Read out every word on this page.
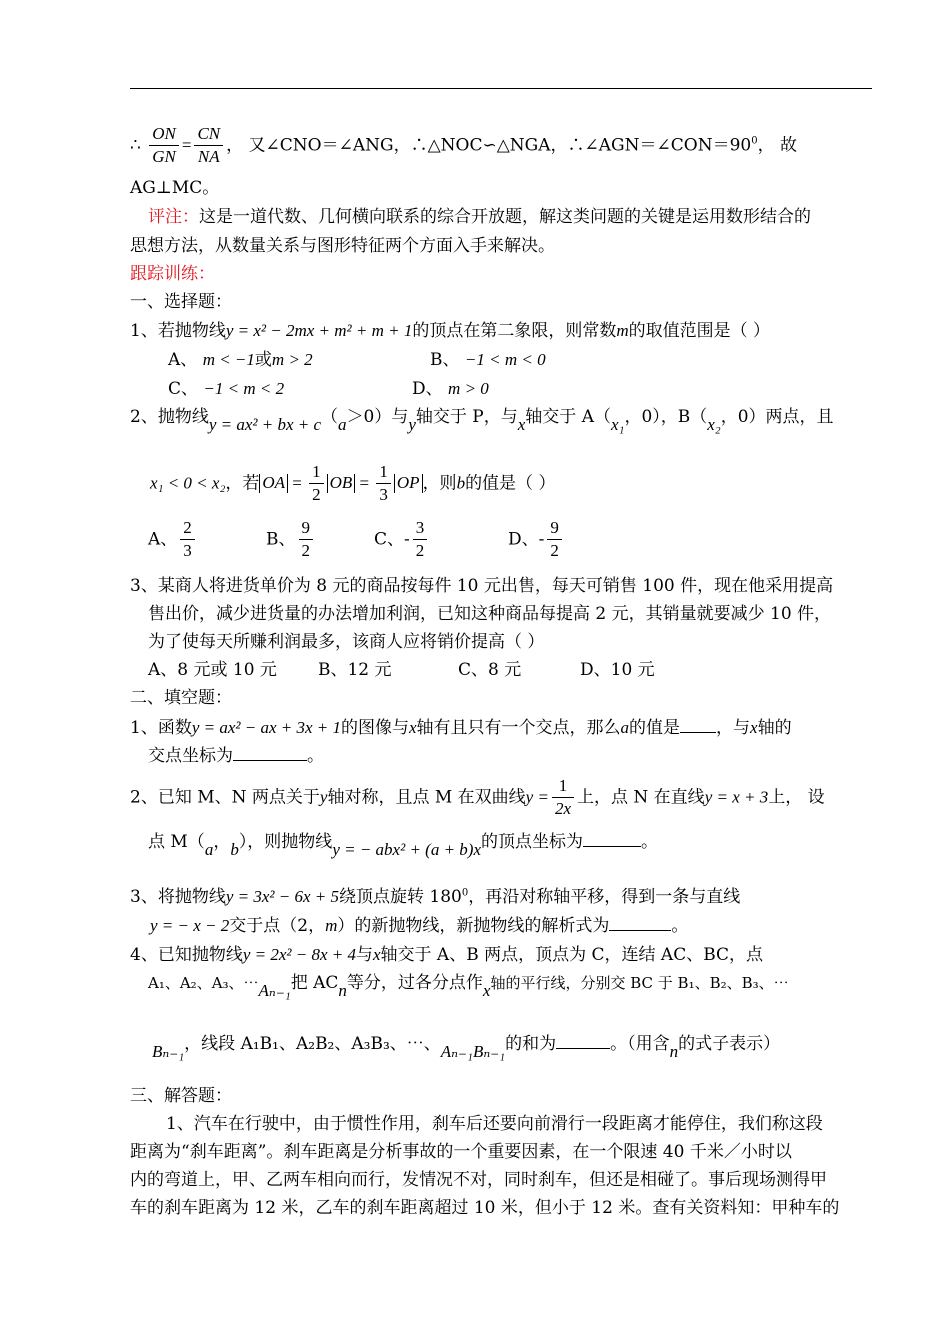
∴ $\frac{ON}{GN} = \frac{CN}{NA}$ ， 又∠CNO＝∠ANG，∴△NOC∽△NGA，$\therefore\angle AGN=\angle CON=90^0$， 故
AG⊥MC。
评注：这是一道代数、几何横向联系的综合开放题，解这类问题的关键是运用数形结合的
思想方法，从数量关系与图形特征两个方面入手来解决。
跟踪训练：
一、选择题：
1、若抛物线y = x² − 2mx + m² + m + 1的顶点在第二象限，则常数m的取值范围是（ ）
A、 m < −1或m > 2	B、 −1 < m < 0
C、 −1 < m < 2	D、 m > 0
2、抛物线y = ax² + bx + c（a＞0）与y轴交于 P，与x轴交于 A（x₁，0），B（x₂，0）两点，且
x₁ < 0 < x₂，若 OA = $\frac{1}{2}$ OB = $\frac{1}{3}$ OP ，则b的值是（ ）
A、 $\frac{2}{3}$	B、 $\frac{9}{2}$	C、- $\frac{3}{2}$	D、- $\frac{9}{2}$
3、某商人将进货单价为 8 元的商品按每件 10 元出售，每天可销售 100 件，现在他采用提高
售出价，减少进货量的办法增加利润，已知这种商品每提高 2 元，其销量就要减少 10 件，
为了使每天所赚利润最多，该商人应将销价提高（ ）
A、8 元或 10 元 B、12 元	C、8 元	D、10 元
二、填空题：
1、函数y = ax² − ax + 3x + 1的图像与x轴有且只有一个交点，那么a的值是 ，与x轴的
交点坐标为	。
2、已知 M、N 两点关于y轴对称，且点 M 在双曲线$y = \frac{1}{2x}$ 上，点 N 在直线y = x + 3上， 设
点 M（a，b），则抛物线y = − abx² + (a + b)x的顶点坐标为	。
3、将抛物线y = 3x² − 6x + 5绕顶点旋转 $180^0$，再沿对称轴平移，得到一条与直线
y = − x − 2交于点（2，m）的新抛物线，新抛物线的解析式为	。
4、已知抛物线y = 2x² − 8x + 4与x轴交于 A、B 两点，顶点为 C，连结 AC、BC，点
A₁、A₂、A₃、⋯Aₙ₋₁把 ACn等分，过各分点作x轴的平行线，分别交 BC 于 B₁、B₂、B₃、⋯
Bₙ₋₁，线段 A₁B₁、A₂B₂、A₃B₃、⋯、Aₙ₋₁Bₙ₋₁的和为	。（用含n的式子表示）
三、解答题：
1、汽车在行驶中，由于惯性作用，刹车后还要向前滑行一段距离才能停住，我们称这段
距离为“刹车距离”。刹车距离是分析事故的一个重要因素，在一个限速 40 千米／小时以
内的弯道上，甲、乙两车相向而行，发情况不对，同时刹车，但还是相碰了。事后现场测得甲
车的刹车距离为 12 米，乙车的刹车距离超过 10 米，但小于 12 米。查有关资料知：甲种车的
